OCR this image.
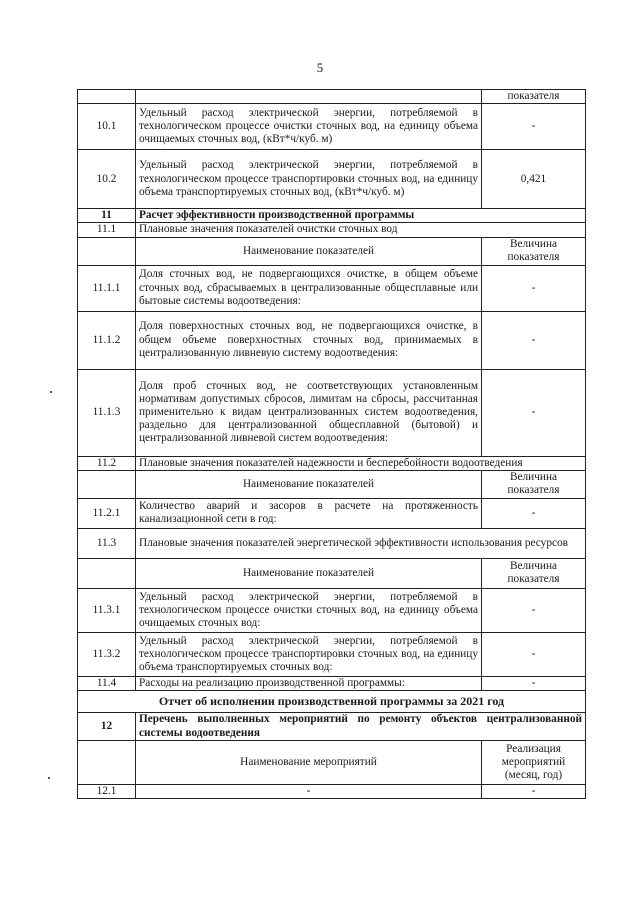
5
		показателя
10.1	Удельный расход электрической энергии, потребляемой в технологическом процессе очистки сточных вод, на единицу объема очищаемых сточных вод, (кВт*ч/куб. м)	-
10.2	Удельный расход электрической энергии, потребляемой в технологическом процессе транспортировки сточных вод, на единицу объема транспортируемых сточных вод, (кВт*ч/куб. м)	0,421
11	Расчет эффективности производственной программы	
11.1	Плановые значения показателей очистки сточных вод	
	Наименование показателей	Величина показателя
11.1.1	Доля сточных вод, не подвергающихся очистке, в общем объеме сточных вод, сбрасываемых в централизованные общесплавные или бытовые системы водоотведения:	-
11.1.2	Доля поверхностных сточных вод, не подвергающихся очистке, в общем объеме поверхностных сточных вод, принимаемых в централизованную ливневую систему водоотведения:	-
11.1.3	Доля проб сточных вод, не соответствующих установленным нормативам допустимых сбросов, лимитам на сбросы, рассчитанная применительно к видам централизованных систем водоотведения, раздельно для централизованной общесплавной (бытовой) и централизованной ливневой систем водоотведения:	-
11.2	Плановые значения показателей надежности и бесперебойности водоотведения	
	Наименование показателей	Величина показателя
11.2.1	Количество аварий и засоров в расчете на протяженность канализационной сети в год:	-
11.3	Плановые значения показателей энергетической эффективности использования ресурсов	
	Наименование показателей	Величина показателя
11.3.1	Удельный расход электрической энергии, потребляемой в технологическом процессе очистки сточных вод, на единицу объема очищаемых сточных вод:	-
11.3.2	Удельный расход электрической энергии, потребляемой в технологическом процессе транспортировки сточных вод, на единицу объема транспортируемых сточных вод:	-
11.4	Расходы на реализацию производственной программы:	-
Отчет об исполнении производственной программы за 2021 год		
12	Перечень выполненных мероприятий по ремонту объектов централизованной системы водоотведения	
	Наименование мероприятий	Реализация мероприятий (месяц, год)
12.1	-	-
